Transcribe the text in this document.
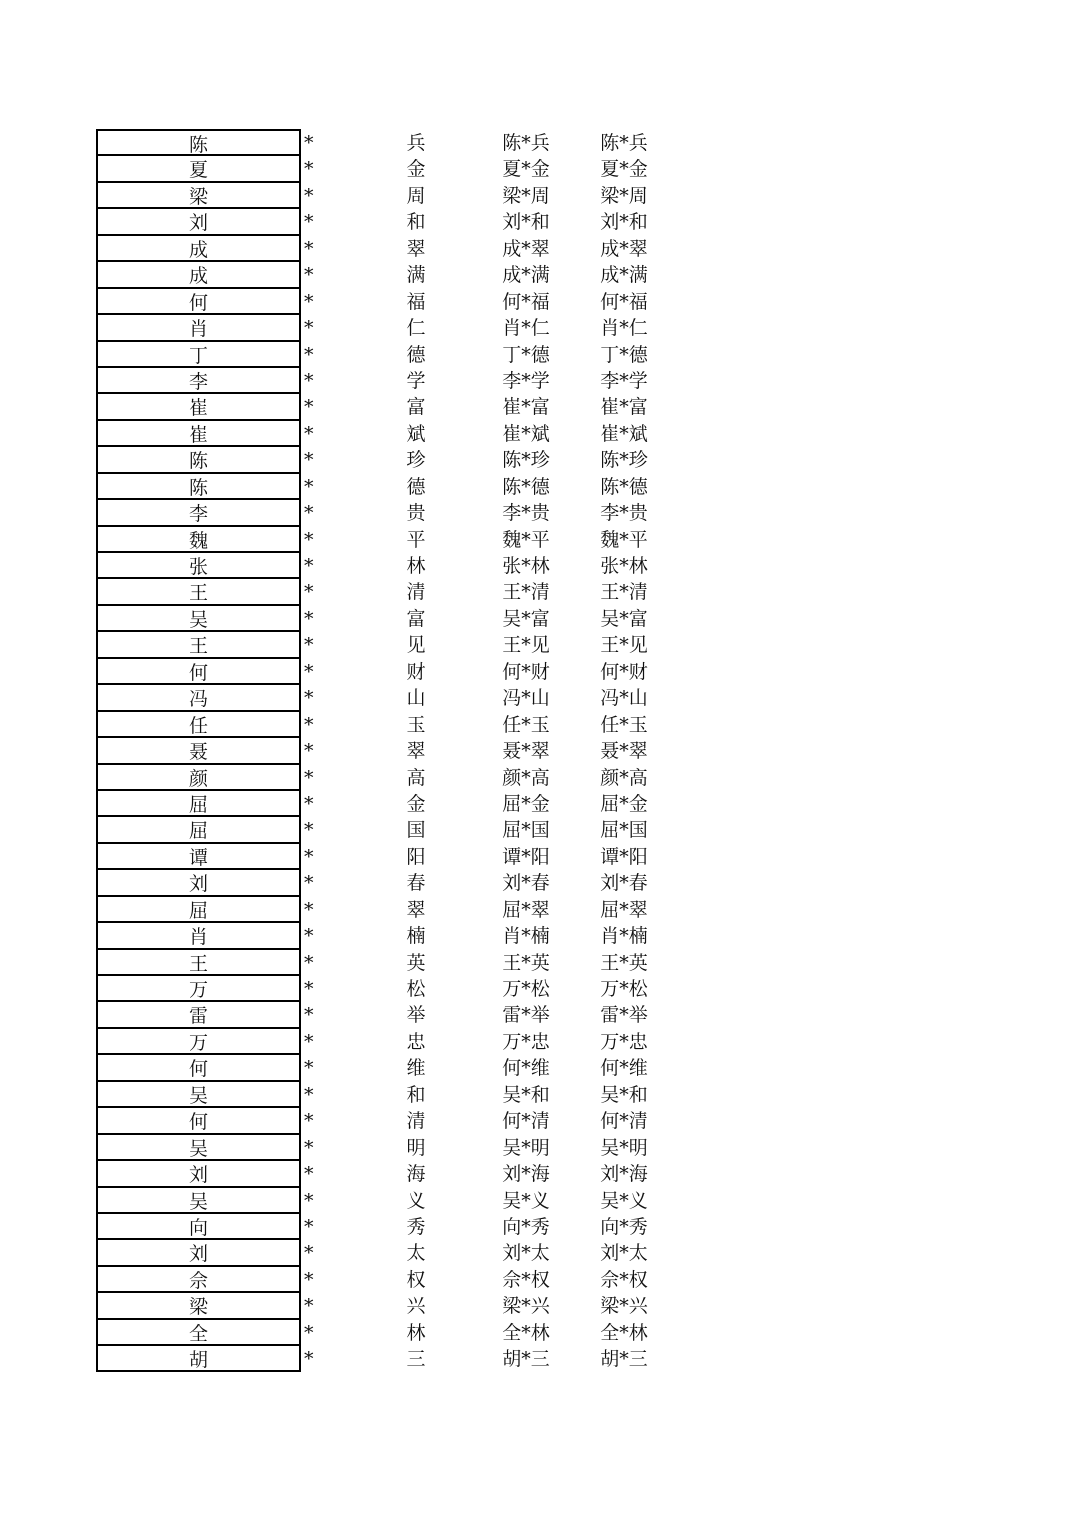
陈	*	兵	陈*兵	陈*兵
夏	*	金	夏*金	夏*金
梁	*	周	梁*周	梁*周
刘	*	和	刘*和	刘*和
成	*	翠	成*翠	成*翠
成	*	满	成*满	成*满
何	*	福	何*福	何*福
肖	*	仁	肖*仁	肖*仁
丁	*	德	丁*德	丁*德
李	*	学	李*学	李*学
崔	*	富	崔*富	崔*富
崔	*	斌	崔*斌	崔*斌
陈	*	珍	陈*珍	陈*珍
陈	*	德	陈*德	陈*德
李	*	贵	李*贵	李*贵
魏	*	平	魏*平	魏*平
张	*	林	张*林	张*林
王	*	清	王*清	王*清
吴	*	富	吴*富	吴*富
王	*	见	王*见	王*见
何	*	财	何*财	何*财
冯	*	山	冯*山	冯*山
任	*	玉	任*玉	任*玉
聂	*	翠	聂*翠	聂*翠
颜	*	高	颜*高	颜*高
屈	*	金	屈*金	屈*金
屈	*	国	屈*国	屈*国
谭	*	阳	谭*阳	谭*阳
刘	*	春	刘*春	刘*春
屈	*	翠	屈*翠	屈*翠
肖	*	楠	肖*楠	肖*楠
王	*	英	王*英	王*英
万	*	松	万*松	万*松
雷	*	举	雷*举	雷*举
万	*	忠	万*忠	万*忠
何	*	维	何*维	何*维
吴	*	和	吴*和	吴*和
何	*	清	何*清	何*清
吴	*	明	吴*明	吴*明
刘	*	海	刘*海	刘*海
吴	*	义	吴*义	吴*义
向	*	秀	向*秀	向*秀
刘	*	太	刘*太	刘*太
佘	*	权	佘*权	佘*权
梁	*	兴	梁*兴	梁*兴
全	*	林	全*林	全*林
胡	*	三	胡*三	胡*三
